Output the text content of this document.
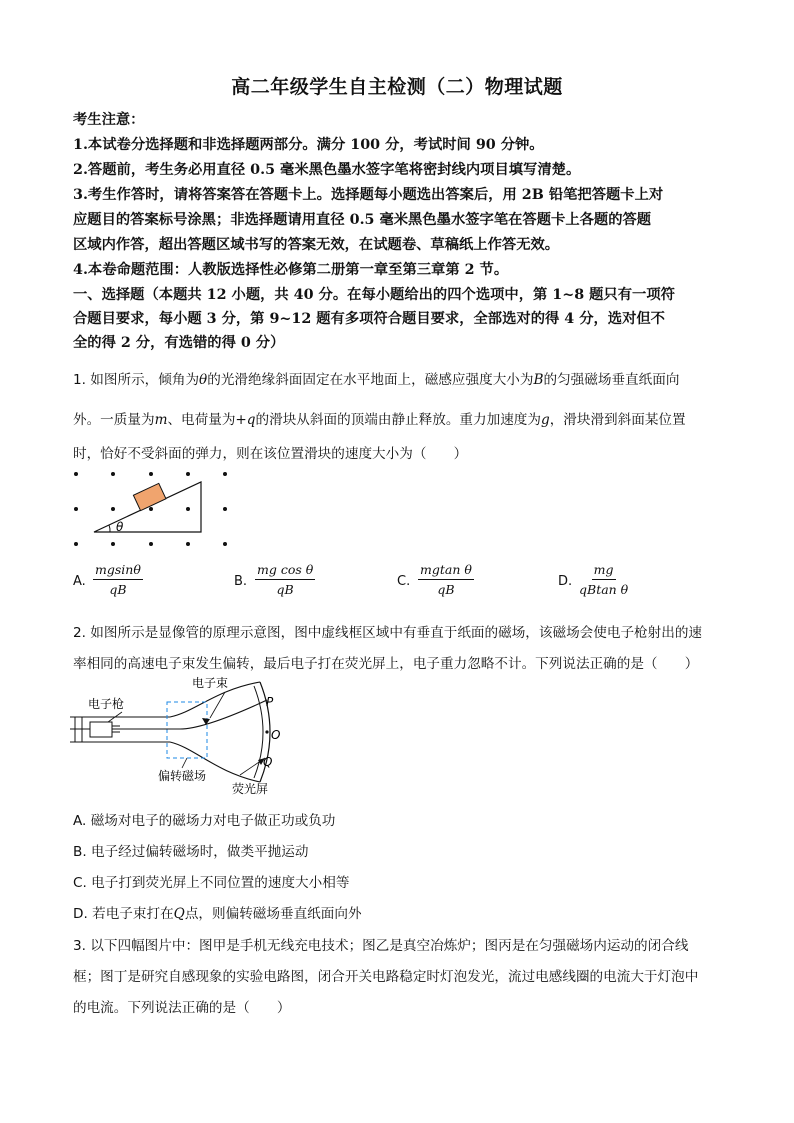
高二年级学生自主检测（二）物理试题
考生注意：
1.本试卷分选择题和非选择题两部分。满分 100 分，考试时间 90 分钟。
2.答题前，考生务必用直径 0.5 毫米黑色墨水签字笔将密封线内项目填写清楚。
3.考生作答时，请将答案答在答题卡上。选择题每小题选出答案后，用 2B 铅笔把答题卡上对
应题目的答案标号涂黑；非选择题请用直径 0.5 毫米黑色墨水签字笔在答题卡上各题的答题
区域内作答，超出答题区域书写的答案无效，在试题卷、草稿纸上作答无效。
4.本卷命题范围：人教版选择性必修第二册第一章至第三章第 2 节。
一、选择题（本题共 12 小题，共 40 分。在每小题给出的四个选项中，第 1~8 题只有一项符
合题目要求，每小题 3 分，第 9~12 题有多项符合题目要求，全部选对的得 4 分，选对但不
全的得 2 分，有选错的得 0 分）
1. 如图所示，倾角为θ的光滑绝缘斜面固定在水平地面上，磁感应强度大小为B的匀强磁场垂直纸面向
外。一质量为m、电荷量为+q的滑块从斜面的顶端由静止释放。重力加速度为g，滑块滑到斜面某位置
时，恰好不受斜面的弹力，则在该位置滑块的速度大小为（　　）
θ
A. $\frac{mgsin\theta}{qB}$	B. $\frac{\text{mg cos θ}}{qB}$	C. $\frac{\text{mgtan θ}}{qB}$	D. $\frac{mg}{\text{qBtan θ}}$
2. 如图所示是显像管的原理示意图，图中虚线框区域中有垂直于纸面的磁场，该磁场会使电子枪射出的速
率相同的高速电子束发生偏转，最后电子打在荧光屏上，电子重力忽略不计。下列说法正确的是（　　）
电子束
电子枪
偏转磁场
荧光屏
P
O
Q
A. 磁场对电子的磁场力对电子做正功或负功
B. 电子经过偏转磁场时，做类平抛运动
C. 电子打到荧光屏上不同位置的速度大小相等
D. 若电子束打在Q点，则偏转磁场垂直纸面向外
3. 以下四幅图片中：图甲是手机无线充电技术；图乙是真空冶炼炉；图丙是在匀强磁场内运动的闭合线
框；图丁是研究自感现象的实验电路图，闭合开关电路稳定时灯泡发光，流过电感线圈的电流大于灯泡中
的电流。下列说法正确的是（　　）
